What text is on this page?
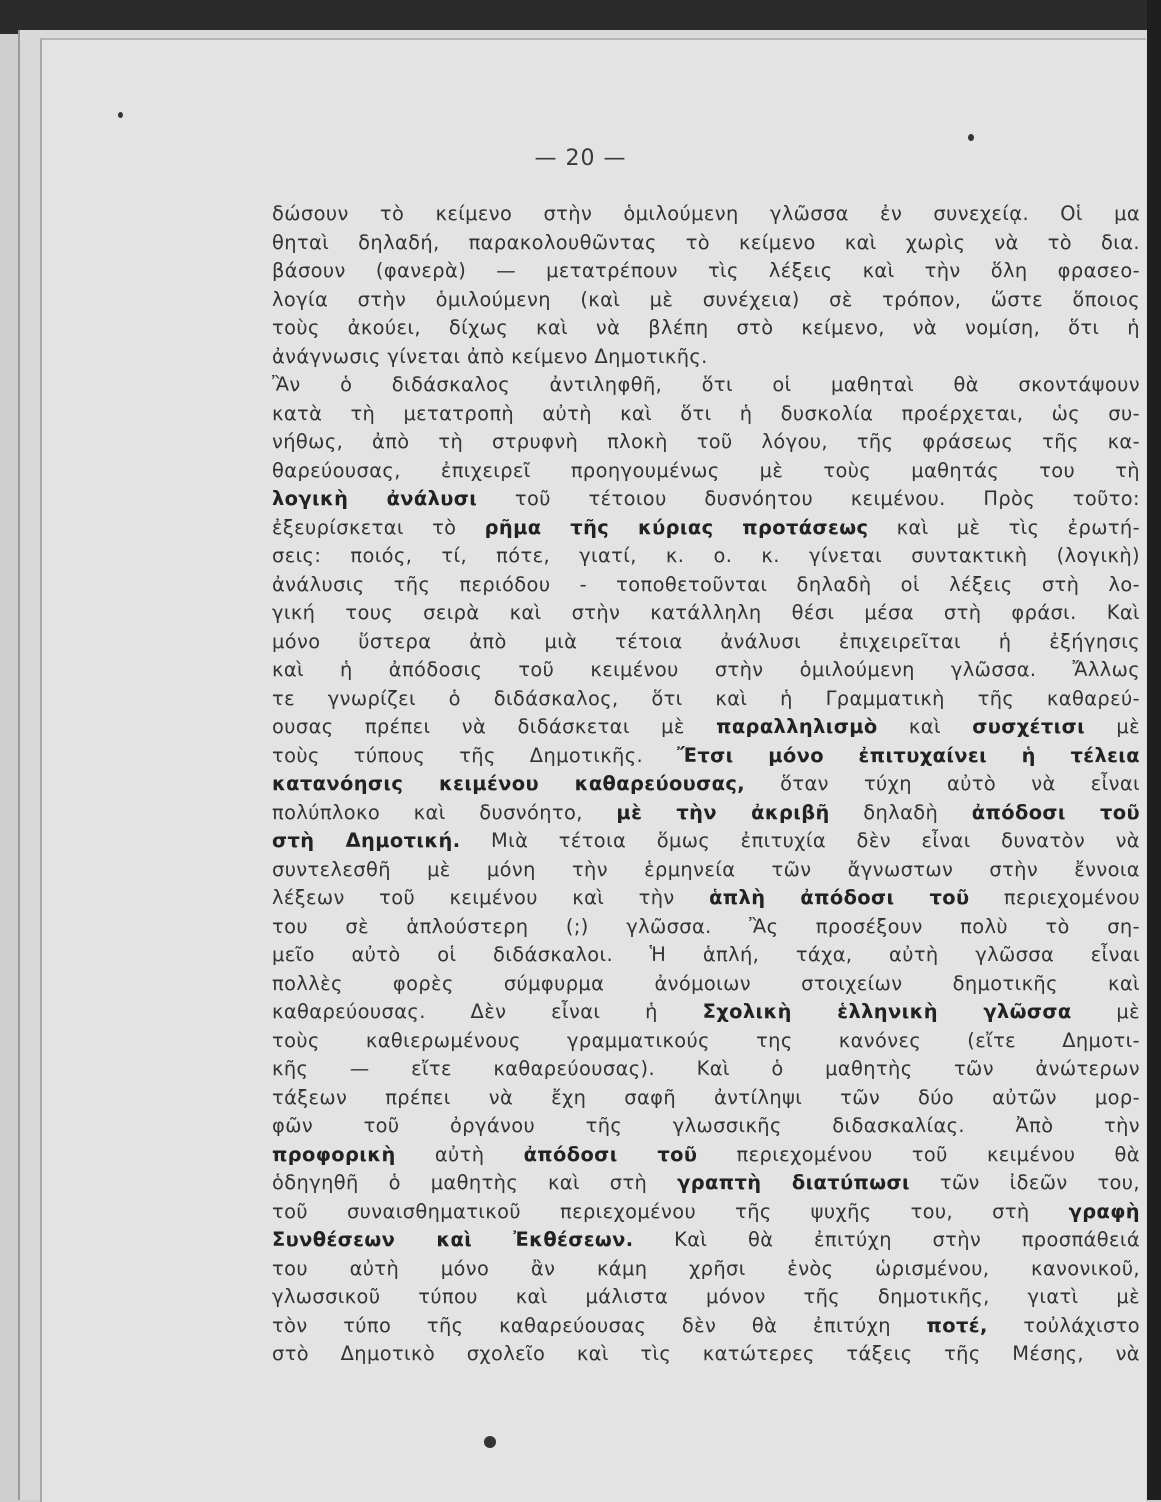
— 20 —
δώσουν τὸ κείμενο στὴν ὁμιλούμενη γλῶσσα ἐν συνεχείᾳ. Οἱ μα
θηταὶ δηλαδή, παρακολουθῶντας τὸ κείμενο καὶ χωρὶς νὰ τὸ δια.
βάσουν (φανερὰ) — μετατρέπουν τὶς λέξεις καὶ τὴν ὅλη φρασεο-
λογία στὴν ὁμιλούμενη (καὶ μὲ συνέχεια) σὲ τρόπον, ὥστε ὅποιος
τοὺς ἀκούει, δίχως καὶ νὰ βλέπη στὸ κείμενο, νὰ νομίση, ὅτι ἡ
ἀνάγνωσις γίνεται ἀπὸ κείμενο Δημοτικῆς.
Ἂν ὁ διδάσκαλος ἀντιληφθῆ, ὅτι οἱ μαθηταὶ θὰ σκοντάψουν
κατὰ τὴ μετατροπὴ αὐτὴ καὶ ὅτι ἡ δυσκολία προέρχεται, ὡς συ-
νήθως, ἀπὸ τὴ στρυφνὴ πλοκὴ τοῦ λόγου, τῆς φράσεως τῆς κα-
θαρεύουσας, ἐπιχειρεῖ προηγουμένως μὲ τοὺς μαθητάς του τὴ
λογικὴ ἀνάλυσι τοῦ τέτοιου δυσνόητου κειμένου. Πρὸς τοῦτο:
ἐξευρίσκεται τὸ ρῆμα τῆς κύριας προτάσεως καὶ μὲ τὶς ἐρωτή-
σεις: ποιός, τί, πότε, γιατί, κ. ο. κ. γίνεται συντακτικὴ (λογικὴ)
ἀνάλυσις τῆς περιόδου - τοποθετοῦνται δηλαδὴ οἱ λέξεις στὴ λο-
γική τους σειρὰ καὶ στὴν κατάλληλη θέσι μέσα στὴ φράσι. Καὶ
μόνο ὕστερα ἀπὸ μιὰ τέτοια ἀνάλυσι ἐπιχειρεῖται ἡ ἐξήγησις
καὶ ἡ ἀπόδοσις τοῦ κειμένου στὴν ὁμιλούμενη γλῶσσα. Ἄλλως
τε γνωρίζει ὁ διδάσκαλος, ὅτι καὶ ἡ Γραμματικὴ τῆς καθαρεύ-
ουσας πρέπει νὰ διδάσκεται μὲ παραλληλισμὸ καὶ συσχέτισι μὲ
τοὺς τύπους τῆς Δημοτικῆς. Ἔτσι μόνο ἐπιτυχαίνει ἡ τέλεια
κατανόησις κειμένου καθαρεύουσας, ὅταν τύχη αὐτὸ νὰ εἶναι
πολύπλοκο καὶ δυσνόητο, μὲ τὴν ἀκριβῆ δηλαδὴ ἀπόδοσι τοῦ
στὴ Δημοτική. Μιὰ τέτοια ὅμως ἐπιτυχία δὲν εἶναι δυνατὸν νὰ
συντελεσθῆ μὲ μόνη τὴν ἑρμηνεία τῶν ἄγνωστων στὴν ἔννοια
λέξεων τοῦ κειμένου καὶ τὴν ἁπλὴ ἀπόδοσι τοῦ περιεχομένου
του σὲ ἁπλούστερη (;) γλῶσσα. Ἂς προσέξουν πολὺ τὸ ση-
μεῖο αὐτὸ οἱ διδάσκαλοι. Ἡ ἁπλή, τάχα, αὐτὴ γλῶσσα εἶναι
πολλὲς φορὲς σύμφυρμα ἀνόμοιων στοιχείων δημοτικῆς καὶ
καθαρεύουσας. Δὲν εἶναι ἡ Σχολικὴ ἑλληνικὴ γλῶσσα μὲ
τοὺς καθιερωμένους γραμματικούς της κανόνες (εἴτε Δημοτι-
κῆς — εἴτε καθαρεύουσας). Καὶ ὁ μαθητὴς τῶν ἀνώτερων
τάξεων πρέπει νὰ ἔχη σαφῆ ἀντίληψι τῶν δύο αὐτῶν μορ-
φῶν τοῦ ὀργάνου τῆς γλωσσικῆς διδασκαλίας. Ἀπὸ τὴν
προφορικὴ αὐτὴ ἀπόδοσι τοῦ περιεχομένου τοῦ κειμένου θὰ
ὁδηγηθῆ ὁ μαθητὴς καὶ στὴ γραπτὴ διατύπωσι τῶν ἰδεῶν του,
τοῦ συναισθηματικοῦ περιεχομένου τῆς ψυχῆς του, στὴ γραφὴ
Συνθέσεων καὶ Ἐκθέσεων. Καὶ θὰ ἐπιτύχη στὴν προσπάθειά
του αὐτὴ μόνο ἂν κάμη χρῆσι ἑνὸς ὡρισμένου, κανονικοῦ,
γλωσσικοῦ τύπου καὶ μάλιστα μόνον τῆς δημοτικῆς, γιατὶ μὲ
τὸν τύπο τῆς καθαρεύουσας δὲν θὰ ἐπιτύχη ποτέ, τοὐλάχιστο
στὸ Δημοτικὸ σχολεῖο καὶ τὶς κατώτερες τάξεις τῆς Μέσης, νὰ
